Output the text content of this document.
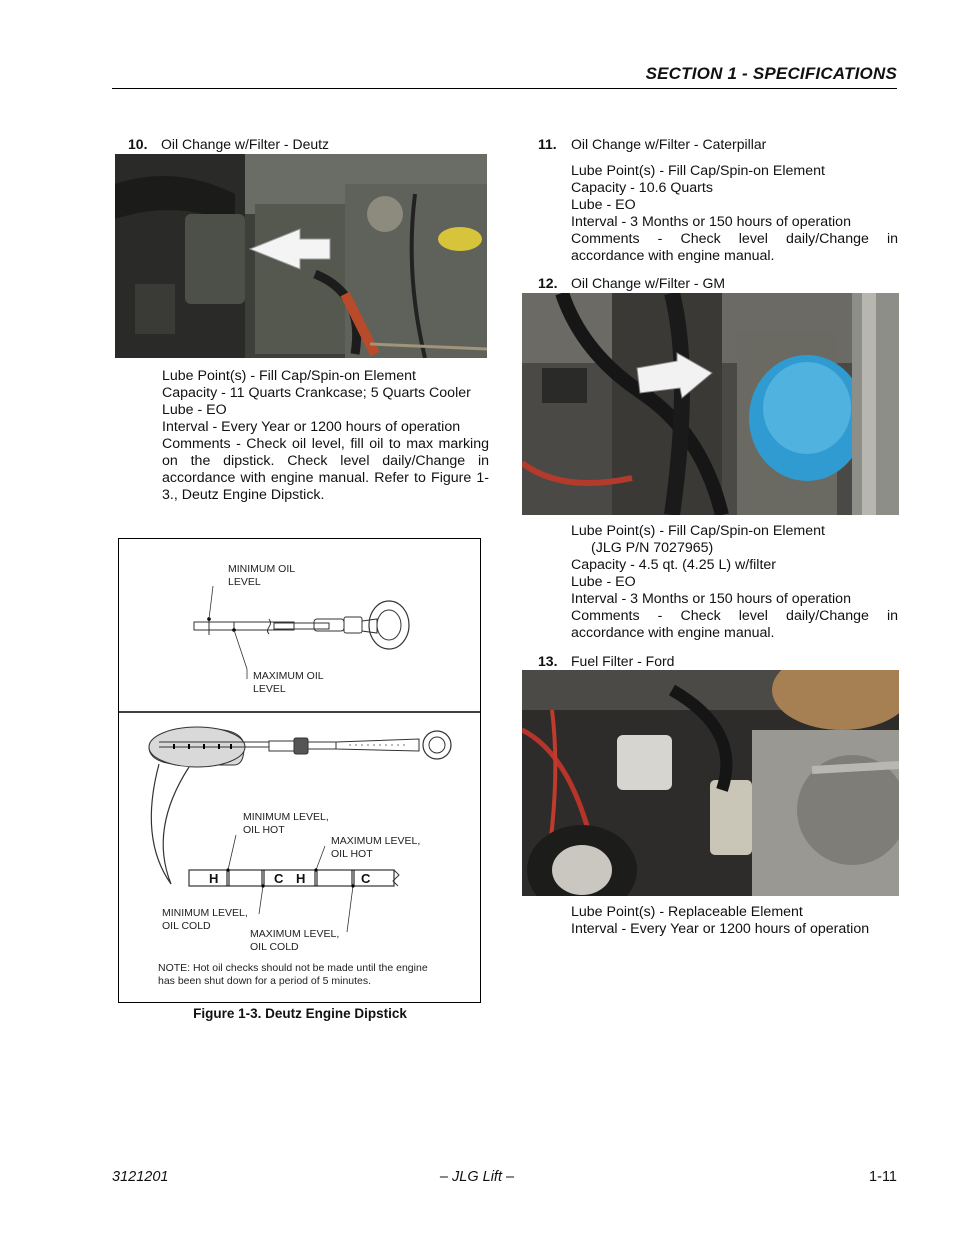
SECTION 1 - SPECIFICATIONS
10. Oil Change w/Filter - Deutz
Lube Point(s) - Fill Cap/Spin-on Element
Capacity - 11 Quarts Crankcase; 5 Quarts Cooler
Lube - EO
Interval - Every Year or 1200 hours of operation
Comments - Check oil level, fill oil to max marking on the dipstick. Check level daily/Change in accordance with engine manual. Refer to Figure 1-3., Deutz Engine Dipstick.
MINIMUM OIL
LEVEL
MAXIMUM OIL
LEVEL
MINIMUM LEVEL,
OIL HOT
MAXIMUM LEVEL,
OIL HOT
MINIMUM LEVEL,
OIL COLD
MAXIMUM LEVEL,
OIL COLD
H	C H	C
NOTE: Hot oil checks should not be made until the engine
has been shut down for a period of 5 minutes.
Figure 1-3. Deutz Engine Dipstick
11. Oil Change w/Filter - Caterpillar
Lube Point(s) - Fill Cap/Spin-on Element
Capacity - 10.6 Quarts
Lube - EO
Interval - 3 Months or 150 hours of operation
Comments - Check level daily/Change in accordance with engine manual.
12. Oil Change w/Filter - GM
Lube Point(s) - Fill Cap/Spin-on Element
(JLG P/N 7027965)
Capacity - 4.5 qt. (4.25 L) w/filter
Lube - EO
Interval - 3 Months or 150 hours of operation
Comments - Check level daily/Change in accordance with engine manual.
13. Fuel Filter - Ford
Lube Point(s) - Replaceable Element
Interval - Every Year or 1200 hours of operation
3121201	– JLG Lift –	1-11
